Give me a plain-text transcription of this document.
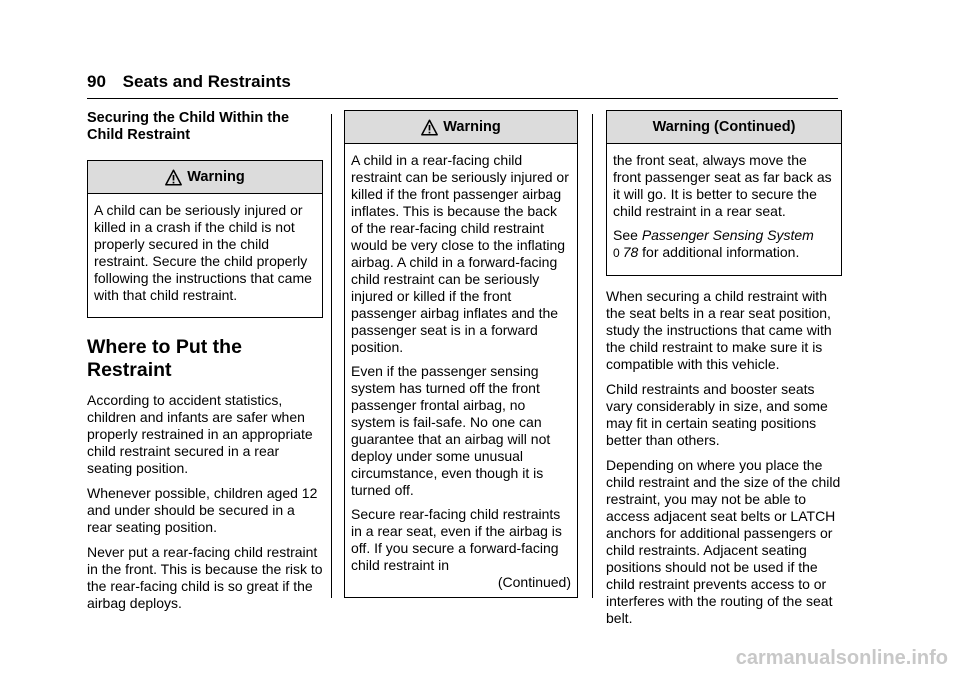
90 Seats and Restraints
Securing the Child Within the Child Restraint
Warning

A child can be seriously injured or killed in a crash if the child is not properly secured in the child restraint. Secure the child properly following the instructions that came with that child restraint.

Where to Put the Restraint

According to accident statistics, children and infants are safer when properly restrained in an appropriate child restraint secured in a rear seating position.

Whenever possible, children aged 12 and under should be secured in a rear seating position.

Never put a rear-facing child restraint in the front. This is because the risk to the rear-facing child is so great if the airbag deploys.

Warning

A child in a rear-facing child restraint can be seriously injured or killed if the front passenger airbag inflates. This is because the back of the rear-facing child restraint would be very close to the inflating airbag. A child in a forward-facing child restraint can be seriously injured or killed if the front passenger airbag inflates and the passenger seat is in a forward position.

Even if the passenger sensing system has turned off the front passenger frontal airbag, no system is fail-safe. No one can guarantee that an airbag will not deploy under some unusual circumstance, even though it is turned off.

Secure rear-facing child restraints in a rear seat, even if the airbag is off. If you secure a forward-facing child restraint in

(Continued)
Warning (Continued)

the front seat, always move the front passenger seat as far back as it will go. It is better to secure the child restraint in a rear seat.

See Passenger Sensing System
0 78 for additional information.

When securing a child restraint with the seat belts in a rear seat position, study the instructions that came with the child restraint to make sure it is compatible with this vehicle.

Child restraints and booster seats vary considerably in size, and some may fit in certain seating positions better than others.

Depending on where you place the child restraint and the size of the child restraint, you may not be able to access adjacent seat belts or LATCH anchors for additional passengers or child restraints. Adjacent seating positions should not be used if the child restraint prevents access to or interferes with the routing of the seat belt.

carmanualsonline.info
